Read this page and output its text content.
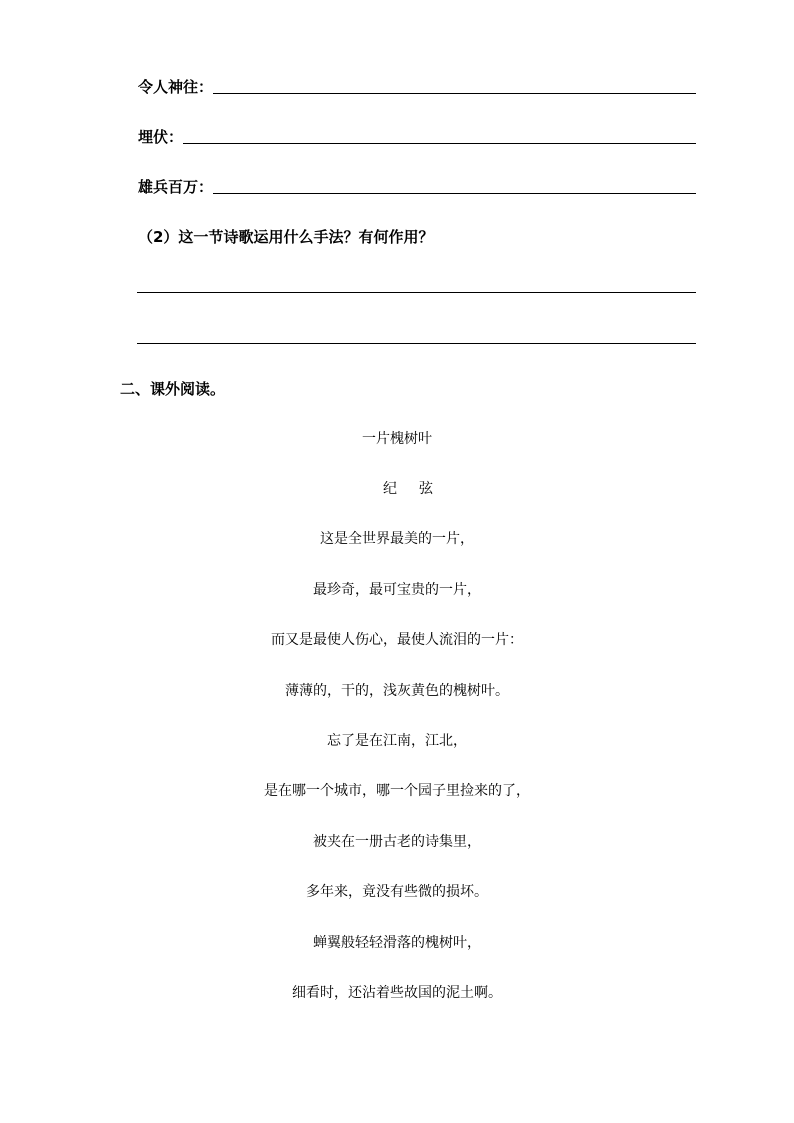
令人神往：
埋伏：
雄兵百万：
（2）这一节诗歌运用什么手法？有何作用？
二、课外阅读。
一片槐树叶
纪弦
这是全世界最美的一片，
最珍奇，最可宝贵的一片，
而又是最使人伤心，最使人流泪的一片：
薄薄的，干的，浅灰黄色的槐树叶。
忘了是在江南，江北，
是在哪一个城市，哪一个园子里捡来的了，
被夹在一册古老的诗集里，
多年来，竟没有些微的损坏。
蝉翼般轻轻滑落的槐树叶，
细看时，还沾着些故国的泥土啊。
